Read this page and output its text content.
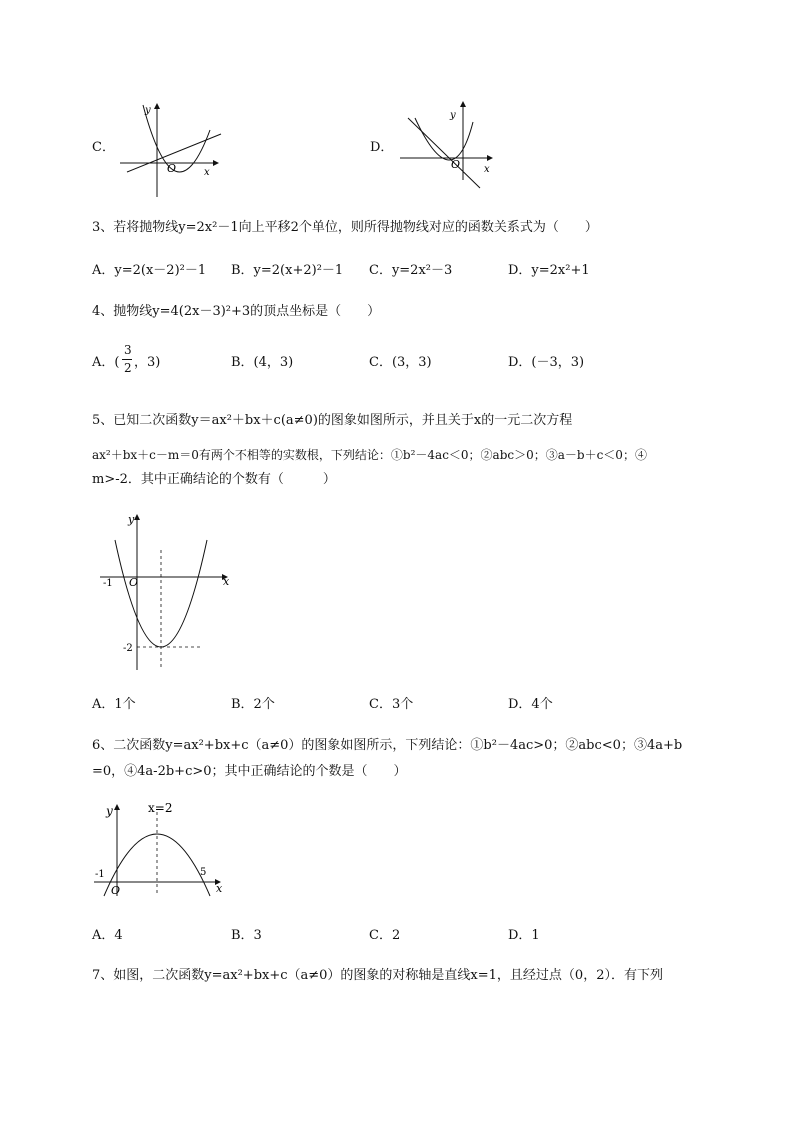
C．
y
x
O
D．
y
x
O
3、若将抛物线y=2x²－1向上平移2个单位，则所得抛物线对应的函数关系式为（　　）
A．y=2(x－2)²－1 B．y=2(x+2)²－1 C．y=2x²－3	D．y=2x²+1
4、抛物线y=4(2x－3)²+3的顶点坐标是（　　）
A．(
3
2 ，3)	B．(4，3)	C．(3，3)	D．(－3，3)
5、已知二次函数y＝ax²＋bx＋c(a≠0)的图象如图所示，并且关于x的一元二次方程
ax²＋bx＋c－m＝0有两个不相等的实数根，下列结论：①b²－4ac＜0；②abc＞0；③a－b＋c＜0；④
m>-2．其中正确结论的个数有（　　　）
y
x
O
-1
-2
A．1个	B．2个	C．3个	D．4个
6、二次函数y=ax²+bx+c（a≠0）的图象如图所示，下列结论：①b²－4ac>0；②abc<0；③4a+b
=0，④4a-2b+c>0；其中正确结论的个数是（　　）
y	x=2
x
O
-1	5
A．4	B．3	C．2	D．1
7、如图，二次函数y=ax²+bx+c（a≠0）的图象的对称轴是直线x=1，且经过点（0，2）．有下列
